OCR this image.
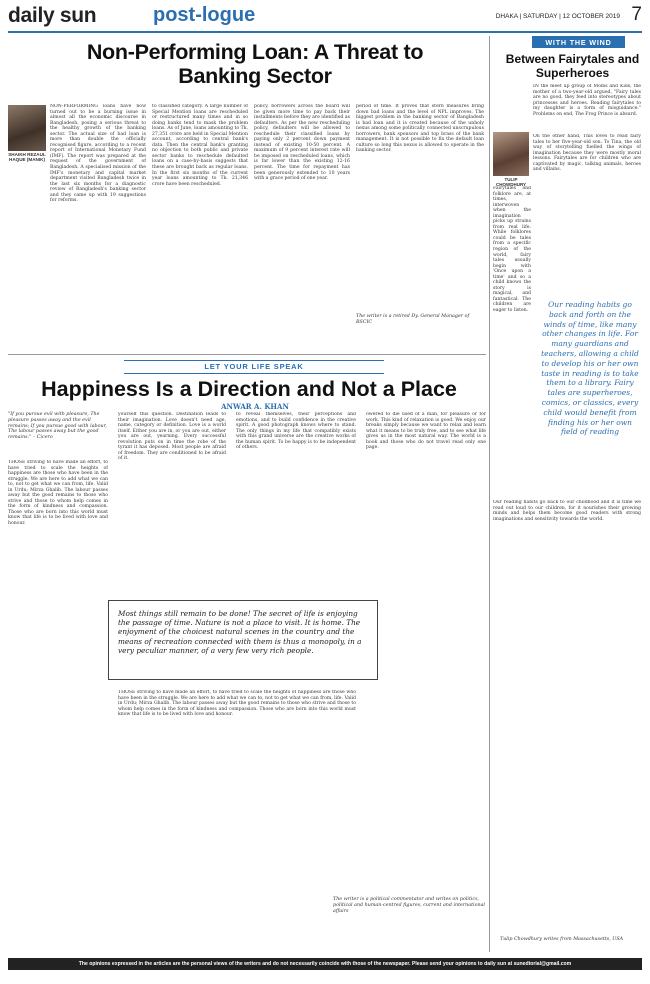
daily sun	post-logue	DHAKA | SATURDAY | 12 OCTOBER 2019 7
Non-Performing Loan: A Threat to Banking Sector
SHAIKH REZAUL HAQUE (MANIK)
NON-PERFORMING loans have now turned out to be a burning issue in almost all the economic discourse in Bangladesh, posing a serious threat to the healthy growth of the banking sector. The actual size of bad loan is more than double the officially recognised figure, according to a recent report of International Monetary Fund (IMF). The report was prepared at the request of the government of Bangladesh. A specialised mission of the IMF's monetary and capital market department visited Bangladesh twice in the last six months for a diagnostic review of Bangladesh's banking sector and they came up with 19 suggestions for reforms.
to classified category. A large number of Special Mention loans are rescheduled or restructured many times and in so doing banks tend to mask the problem loans. As of June, loans amounting to Tk. 27,351 crore are held in Special Mention account, according to central bank's data. Then the central bank's granting no objection to both public and private sector banks to reschedule defaulted loans on a case-by-basis suggests that these are brought back as regular loans. In the first six months of the current year loans amounting to Tk. 21,346 crore have been rescheduled.
policy, borrowers across the board will be given more time to pay back their installments before they are identified as defaulters. As per the new rescheduling policy, defaulters will be allowed to reschedule their classified loans by paying only 2 percent down payment instead of existing 10-50 percent. A maximum of 9 percent interest rate will be imposed on rescheduled loans, which is far lower than the existing 12-16 percent. The time for repayment has been generously extended to 10 years with a grace period of one year.
period of time. It proves that stern measures bring down bad loans and the level of NPL improves. The biggest problem in the banking sector of Bangladesh is bad loan and it is created because of the unholy nexus among some politically connected unscrupulous borrowers, bank sponsors and top brass of the bank management. It is not possible to fix the default loan culture so long this nexus is allowed to operate in the banking sector.
The writer is a retired Dy. General Manager of BSCIC
LET YOUR LIFE SPEAK
Happiness Is a Direction and Not a Place
ANWAR A. KHAN
"If you pursue evil with pleasure, The pleasure passes away and the evil remains; If you pursue good with labour, The labour passes away but the good remains." – Cicero
THOSE striving to have made an effort, to have tried to scale the heights of happiness are those who have been in the struggle. We are here to add what we can to, not to get what we can from, life. Valid in Urdu; Mirza Ghalib. The labour passes away but the good remains to those who strive and those to whom help comes in the form of kindness and compassion. Those who are born into this world must know that life is to be lived with love and honour.
yourself this question. Destination leads to their imagination. Love doesn't need age, name, category or definition. Love is a world itself. Either you are in, or you are out, either you are out, yearning. Every successful revolution puts on in time the robe of the tyrant it has deposed. Most people are afraid of freedom. They are conditioned to be afraid of it.
to reveal themselves, their perceptions and emotions, and to build confidence in the creative spirit. A good photograph knows where to stand. The only things in my life that compatibly exists with this grand universe are the creative works of the human spirit. To be happy is to be independent of others.
owered to die used of a man, for pleasure or for work. This kind of relaxation is good. We enjoy our breaks simply because we want to relax and learn what it means to be truly free, and to see what life gives us in the most natural way. The world is a book and those who do not travel read only one page.
Most things still remain to be done! The secret of life is enjoying the passage of time. Nature is not a place to visit. It is home. The enjoyment of the choicest natural scenes in the country and the means of recreation connected with them is thus a monopoly, in a very peculiar manner, of a very few very rich people.
THOSE striving to have made an effort, to have tried to scale the heights of happiness are those who have been in the struggle. We are here to add what we can to, not to get what we can from, life. Valid in Urdu; Mirza Ghalib. The labour passes away but the good remains to those who strive and those to whom help comes in the form of kindness and compassion. Those who are born into this world must know that life is to be lived with love and honour.
The writer is a political commentator and writes on politics, political and human-centred figures, current and international affairs
WITH THE WIND
Between Fairytales and Superheroes
IN the meet up group of Moms and Kids, the mother of a two-year-old argued, "Fairy tales are no good, they feed into stereotypes about princesses and heroes. Reading fairytales to my daughter is a form of misguidance." Problems on end, The Frog Prince is absurd.
TULIP CHOWDHURY
On the other hand, This loves to read fairy tales to her five-year-old son. To Tina, the old way of storytelling fuelled the wings of imagination because they were mostly moral lessons. Fairytales are for children who are captivated by magic, talking animals, heroes and villains.
Fairytales and folklore are, at times, interwoven when the imagination picks up strains from real life. While folklores could be tales from a specific region of the world, fairy tales usually begin with 'Once upon a time' and so a child knows the story is magical, and fantastical. The children are eager to listen.
Our reading habits go back and forth on the winds of time, like many other changes in life. For many guardians and teachers, allowing a child to develop his or her own taste in reading is to take them to a library. Fairy tales are superheroes, comics, or classics, every child would benefit from finding his or her own field of reading
Our reading habits go back to our childhood and it is time we read out loud to our children, for it nourishes their growing minds and helps them become good readers with strong imaginations and sensitivity towards the world.
Tulip Chowdhury writes from Massachusetts, USA
The opinions expressed in the articles are the personal views of the writers and do not necessarily coincide with those of the newspaper. Please send your opinions to daily sun at sunedtorial@gmail.com
